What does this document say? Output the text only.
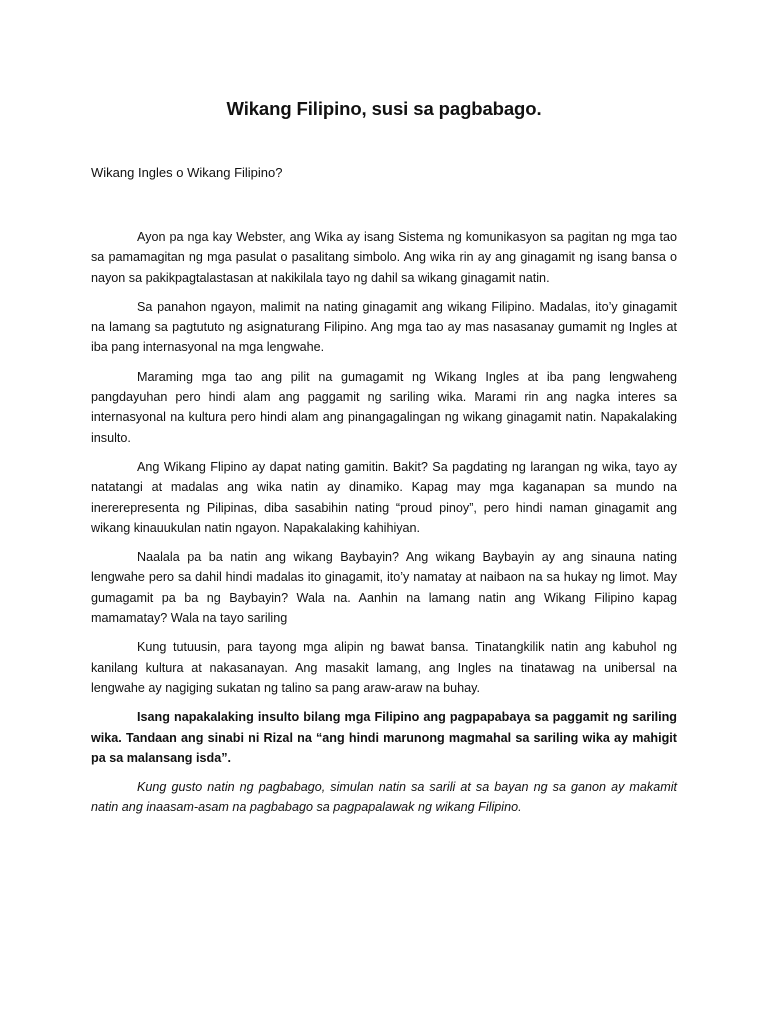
Wikang Filipino, susi sa pagbabago.
Wikang Ingles o Wikang Filipino?

Ayon pa nga kay Webster, ang Wika ay isang Sistema ng komunikasyon sa pagitan ng mga tao sa pamamagitan ng mga pasulat o pasalitang simbolo. Ang wika rin ay ang ginagamit ng isang bansa o nayon sa pakikpagtalastasan at nakikilala tayo ng dahil sa wikang ginagamit natin.

Sa panahon ngayon, malimit na nating ginagamit ang wikang Filipino. Madalas, ito’y ginagamit na lamang sa pagtututo ng asignaturang Filipino. Ang mga tao ay mas nasasanay gumamit ng Ingles at iba pang internasyonal na mga lengwahe.

Maraming mga tao ang pilit na gumagamit ng Wikang Ingles at iba pang lengwaheng pangdayuhan pero hindi alam ang paggamit ng sariling wika. Marami rin ang nagka interes sa internasyonal na kultura pero hindi alam ang pinangagalingan ng wikang ginagamit natin. Napakalaking insulto.

Ang Wikang Flipino ay dapat nating gamitin. Bakit? Sa pagdating ng larangan ng wika, tayo ay natatangi at madalas ang wika natin ay dinamiko. Kapag may mga kaganapan sa mundo na inererepresenta ng Pilipinas, diba sasabihin nating “proud pinoy”, pero hindi naman ginagamit ang wikang kinauukulan natin ngayon. Napakalaking kahihiyan.

Naalala pa ba natin ang wikang Baybayin? Ang wikang Baybayin ay ang sinauna nating lengwahe pero sa dahil hindi madalas ito ginagamit, ito’y namatay at naibaon na sa hukay ng limot. May gumagamit pa ba ng Baybayin? Wala na. Aanhin na lamang natin ang Wikang Filipino kapag mamamatay? Wala na tayo sariling

Kung tutuusin, para tayong mga alipin ng bawat bansa. Tinatangkilik natin ang kabuhol ng kanilang kultura at nakasanayan. Ang masakit lamang, ang Ingles na tinatawag na unibersal na lengwahe ay nagiging sukatan ng talino sa pang araw-araw na buhay.

Isang napakalaking insulto bilang mga Filipino ang pagpapabaya sa paggamit ng sariling wika. Tandaan ang sinabi ni Rizal na “ang hindi marunong magmahal sa sariling wika ay mahigit pa sa malansang isda”.

Kung gusto natin ng pagbabago, simulan natin sa sarili at sa bayan ng sa ganon ay makamit natin ang inaasam-asam na pagbabago sa pagpapalawak ng wikang Filipino.
